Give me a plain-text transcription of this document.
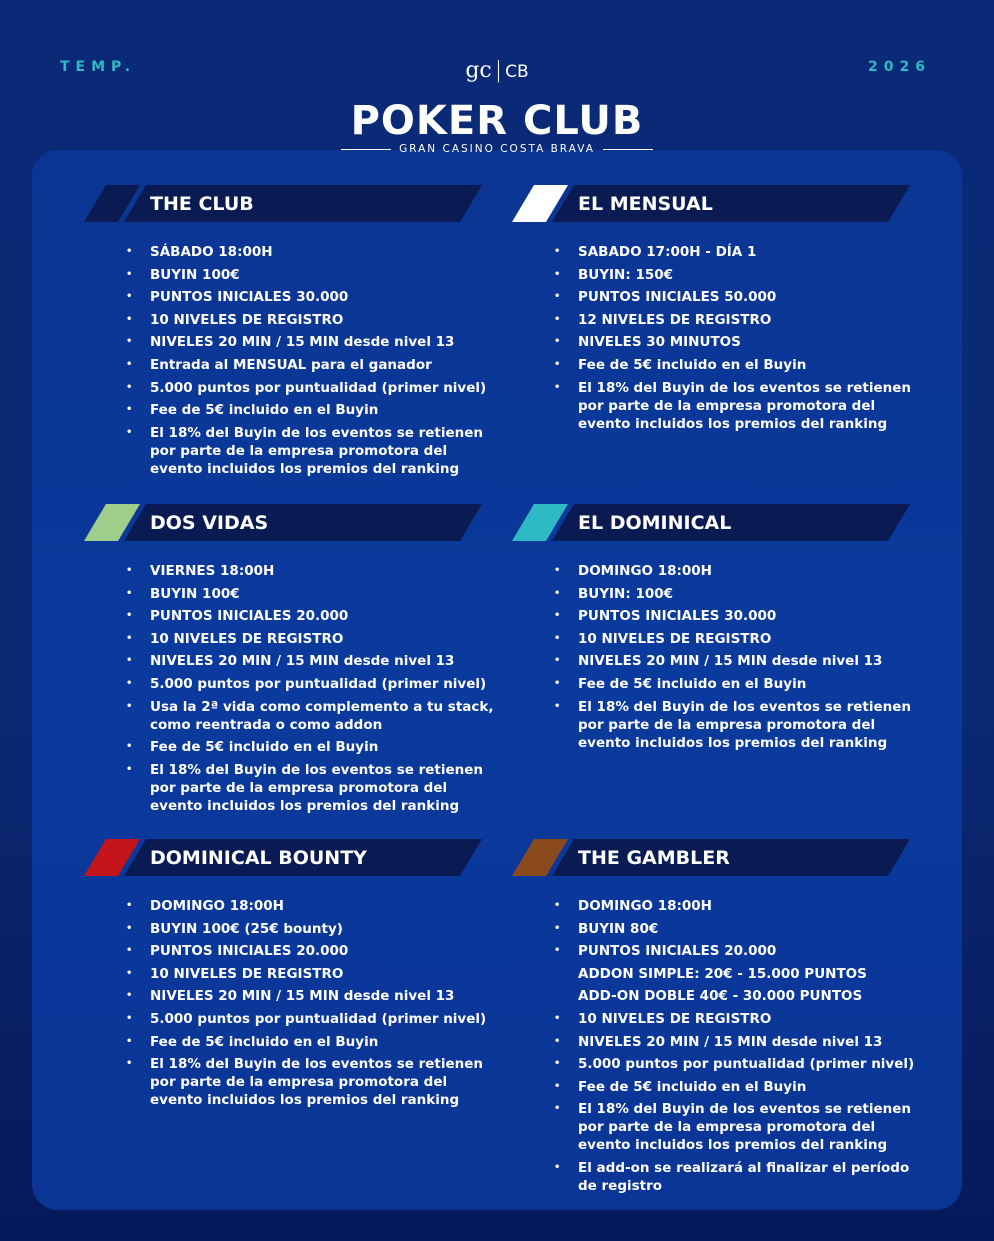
TEMP.	2026
gc | CB
POKER CLUB
GRAN CASINO COSTA BRAVA
THE CLUB
• SÁBADO 18:00H
• BUYIN 100€
• PUNTOS INICIALES 30.000
• 10 NIVELES DE REGISTRO
• NIVELES 20 MIN / 15 MIN desde nivel 13
• Entrada al MENSUAL para el ganador
• 5.000 puntos por puntualidad (primer nivel)
• Fee de 5€ incluido en el Buyin
• El 18% del Buyin de los eventos se retienen por parte de la empresa promotora del evento incluidos los premios del ranking
EL MENSUAL
• SABADO 17:00H - DÍA 1
• BUYIN: 150€
• PUNTOS INICIALES 50.000
• 12 NIVELES DE REGISTRO
• NIVELES 30 MINUTOS
• Fee de 5€ incluido en el Buyin
• El 18% del Buyin de los eventos se retienen por parte de la empresa promotora del evento incluidos los premios del ranking
DOS VIDAS
• VIERNES 18:00H
• BUYIN 100€
• PUNTOS INICIALES 20.000
• 10 NIVELES DE REGISTRO
• NIVELES 20 MIN / 15 MIN desde nivel 13
• 5.000 puntos por puntualidad (primer nivel)
• Usa la 2ª vida como complemento a tu stack, como reentrada o como addon
• Fee de 5€ incluido en el Buyin
• El 18% del Buyin de los eventos se retienen por parte de la empresa promotora del evento incluidos los premios del ranking
EL DOMINICAL
• DOMINGO 18:00H
• BUYIN: 100€
• PUNTOS INICIALES 30.000
• 10 NIVELES DE REGISTRO
• NIVELES 20 MIN / 15 MIN desde nivel 13
• Fee de 5€ incluido en el Buyin
• El 18% del Buyin de los eventos se retienen por parte de la empresa promotora del evento incluidos los premios del ranking
DOMINICAL BOUNTY
• DOMINGO 18:00H
• BUYIN 100€ (25€ bounty)
• PUNTOS INICIALES 20.000
• 10 NIVELES DE REGISTRO
• NIVELES 20 MIN / 15 MIN desde nivel 13
• 5.000 puntos por puntualidad (primer nivel)
• Fee de 5€ incluido en el Buyin
• El 18% del Buyin de los eventos se retienen por parte de la empresa promotora del evento incluidos los premios del ranking
THE GAMBLER
• DOMINGO 18:00H
• BUYIN 80€
• PUNTOS INICIALES 20.000
ADDON SIMPLE: 20€ - 15.000 PUNTOS
ADD-ON DOBLE 40€ - 30.000 PUNTOS
• 10 NIVELES DE REGISTRO
• NIVELES 20 MIN / 15 MIN desde nivel 13
• 5.000 puntos por puntualidad (primer nivel)
• Fee de 5€ incluido en el Buyin
• El 18% del Buyin de los eventos se retienen por parte de la empresa promotora del evento incluidos los premios del ranking
• El add-on se realizará al finalizar el período de registro
